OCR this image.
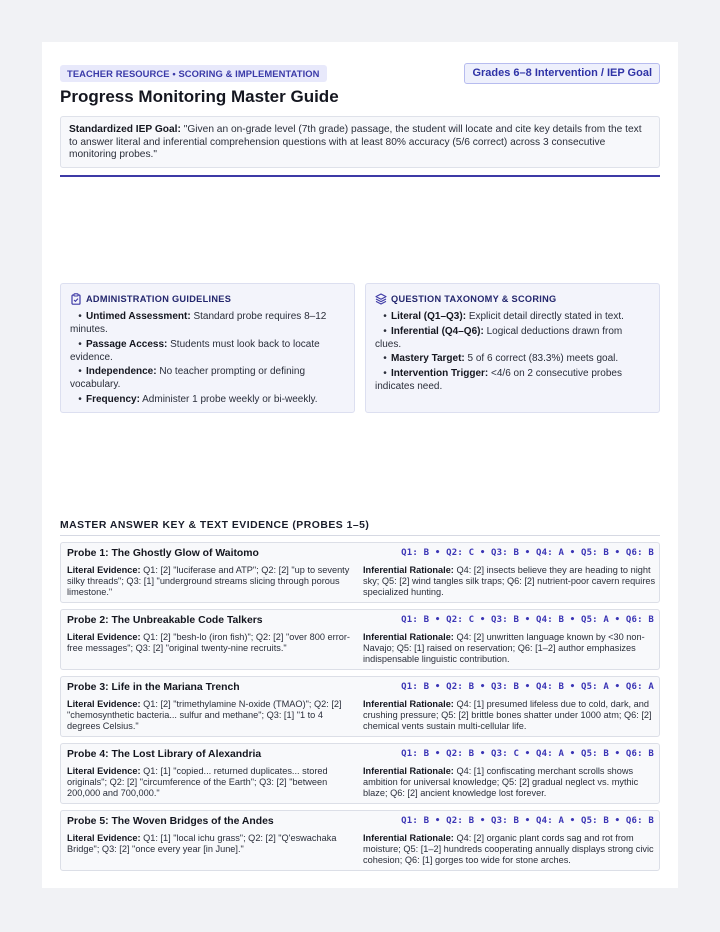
TEACHER RESOURCE • SCORING & IMPLEMENTATION	Grades 6–8 Intervention / IEP Goal
Progress Monitoring Master Guide
Standardized IEP Goal: "Given an on-grade level (7th grade) passage, the student will locate and cite key details from the text to answer literal and inferential comprehension questions with at least 80% accuracy (5/6 correct) across 3 consecutive monitoring probes."
ADMINISTRATION GUIDELINES
• Untimed Assessment: Standard probe requires 8–12 minutes.
• Passage Access: Students must look back to locate evidence.
• Independence: No teacher prompting or defining vocabulary.
• Frequency: Administer 1 probe weekly or bi-weekly.
QUESTION TAXONOMY & SCORING
• Literal (Q1–Q3): Explicit detail directly stated in text.
• Inferential (Q4–Q6): Logical deductions drawn from clues.
• Mastery Target: 5 of 6 correct (83.3%) meets goal.
• Intervention Trigger: <4/6 on 2 consecutive probes indicates need.
MASTER ANSWER KEY & TEXT EVIDENCE (PROBES 1–5)
Probe 1: The Ghostly Glow of Waitomo	Q1: B • Q2: C • Q3: B • Q4: A • Q5: B • Q6: B
Literal Evidence: Q1: [2] "luciferase and ATP"; Q2: [2] "up to seventy silky threads"; Q3: [1] "underground streams slicing through porous limestone."
Inferential Rationale: Q4: [2] insects believe they are heading to night sky; Q5: [2] wind tangles silk traps; Q6: [2] nutrient-poor cavern requires specialized hunting.
Probe 2: The Unbreakable Code Talkers	Q1: B • Q2: C • Q3: B • Q4: B • Q5: A • Q6: B
Literal Evidence: Q1: [2] "besh-lo (iron fish)"; Q2: [2] "over 800 error-free messages"; Q3: [2] "original twenty-nine recruits."
Inferential Rationale: Q4: [2] unwritten language known by <30 non-Navajo; Q5: [1] raised on reservation; Q6: [1–2] author emphasizes indispensable linguistic contribution.
Probe 3: Life in the Mariana Trench	Q1: B • Q2: B • Q3: B • Q4: B • Q5: A • Q6: A
Literal Evidence: Q1: [2] "trimethylamine N-oxide (TMAO)"; Q2: [2] "chemosynthetic bacteria... sulfur and methane"; Q3: [1] "1 to 4 degrees Celsius."
Inferential Rationale: Q4: [1] presumed lifeless due to cold, dark, and crushing pressure; Q5: [2] brittle bones shatter under 1000 atm; Q6: [2] chemical vents sustain multi-cellular life.
Probe 4: The Lost Library of Alexandria	Q1: B • Q2: B • Q3: C • Q4: A • Q5: B • Q6: B
Literal Evidence: Q1: [1] "copied... returned duplicates... stored originals"; Q2: [2] "circumference of the Earth"; Q3: [2] "between 200,000 and 700,000."
Inferential Rationale: Q4: [1] confiscating merchant scrolls shows ambition for universal knowledge; Q5: [2] gradual neglect vs. mythic blaze; Q6: [2] ancient knowledge lost forever.
Probe 5: The Woven Bridges of the Andes	Q1: B • Q2: B • Q3: B • Q4: A • Q5: B • Q6: B
Literal Evidence: Q1: [1] "local ichu grass"; Q2: [2] "Q'eswachaka Bridge"; Q3: [2] "once every year [in June]."
Inferential Rationale: Q4: [2] organic plant cords sag and rot from moisture; Q5: [1–2] hundreds cooperating annually displays strong civic cohesion; Q6: [1] gorges too wide for stone arches.
